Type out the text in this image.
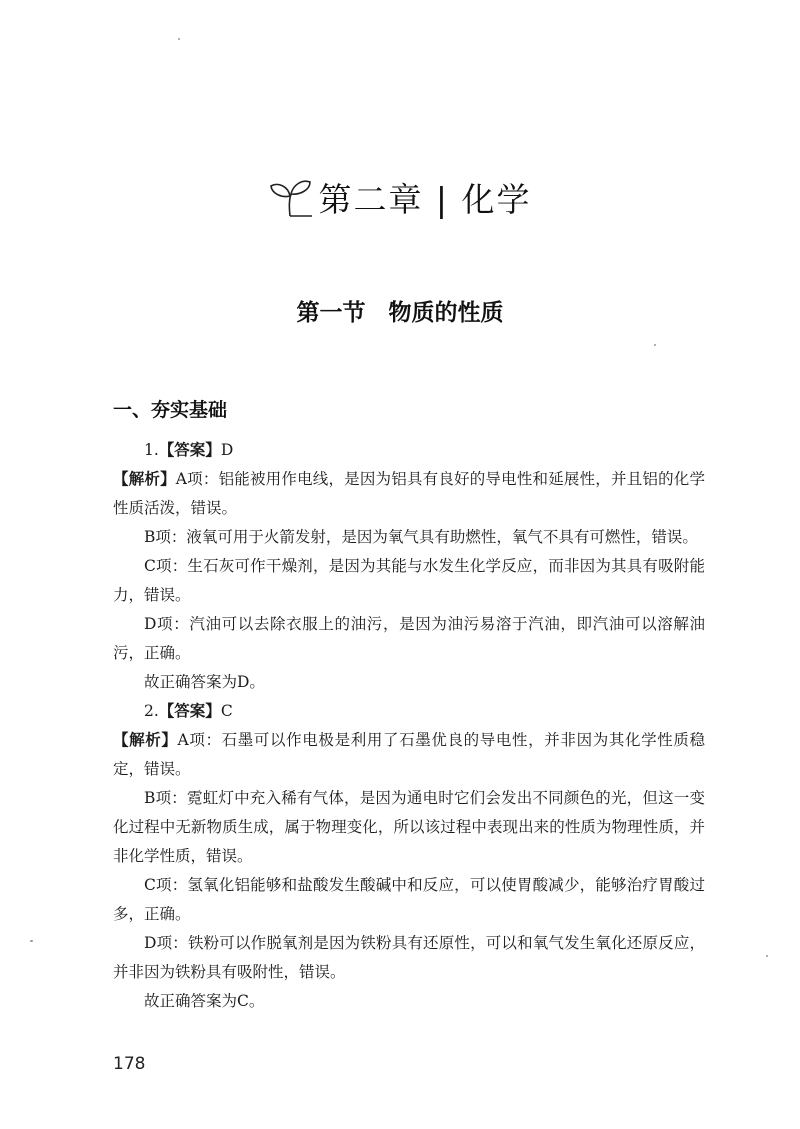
第二章 | 化学
第一节　物质的性质
一、夯实基础

1.【答案】D

【解析】A项：铝能被用作电线，是因为铝具有良好的导电性和延展性，并且铝的化学性质活泼，错误。

B项：液氧可用于火箭发射，是因为氧气具有助燃性，氧气不具有可燃性，错误。

C项：生石灰可作干燥剂，是因为其能与水发生化学反应，而非因为其具有吸附能力，错误。

D项：汽油可以去除衣服上的油污，是因为油污易溶于汽油，即汽油可以溶解油污，正确。

故正确答案为D。

2.【答案】C

【解析】A项：石墨可以作电极是利用了石墨优良的导电性，并非因为其化学性质稳定，错误。

B项：霓虹灯中充入稀有气体，是因为通电时它们会发出不同颜色的光，但这一变化过程中无新物质生成，属于物理变化，所以该过程中表现出来的性质为物理性质，并非化学性质，错误。

C项：氢氧化铝能够和盐酸发生酸碱中和反应，可以使胃酸减少，能够治疗胃酸过多，正确。

D项：铁粉可以作脱氧剂是因为铁粉具有还原性，可以和氧气发生氧化还原反应，并非因为铁粉具有吸附性，错误。

故正确答案为C。

178
